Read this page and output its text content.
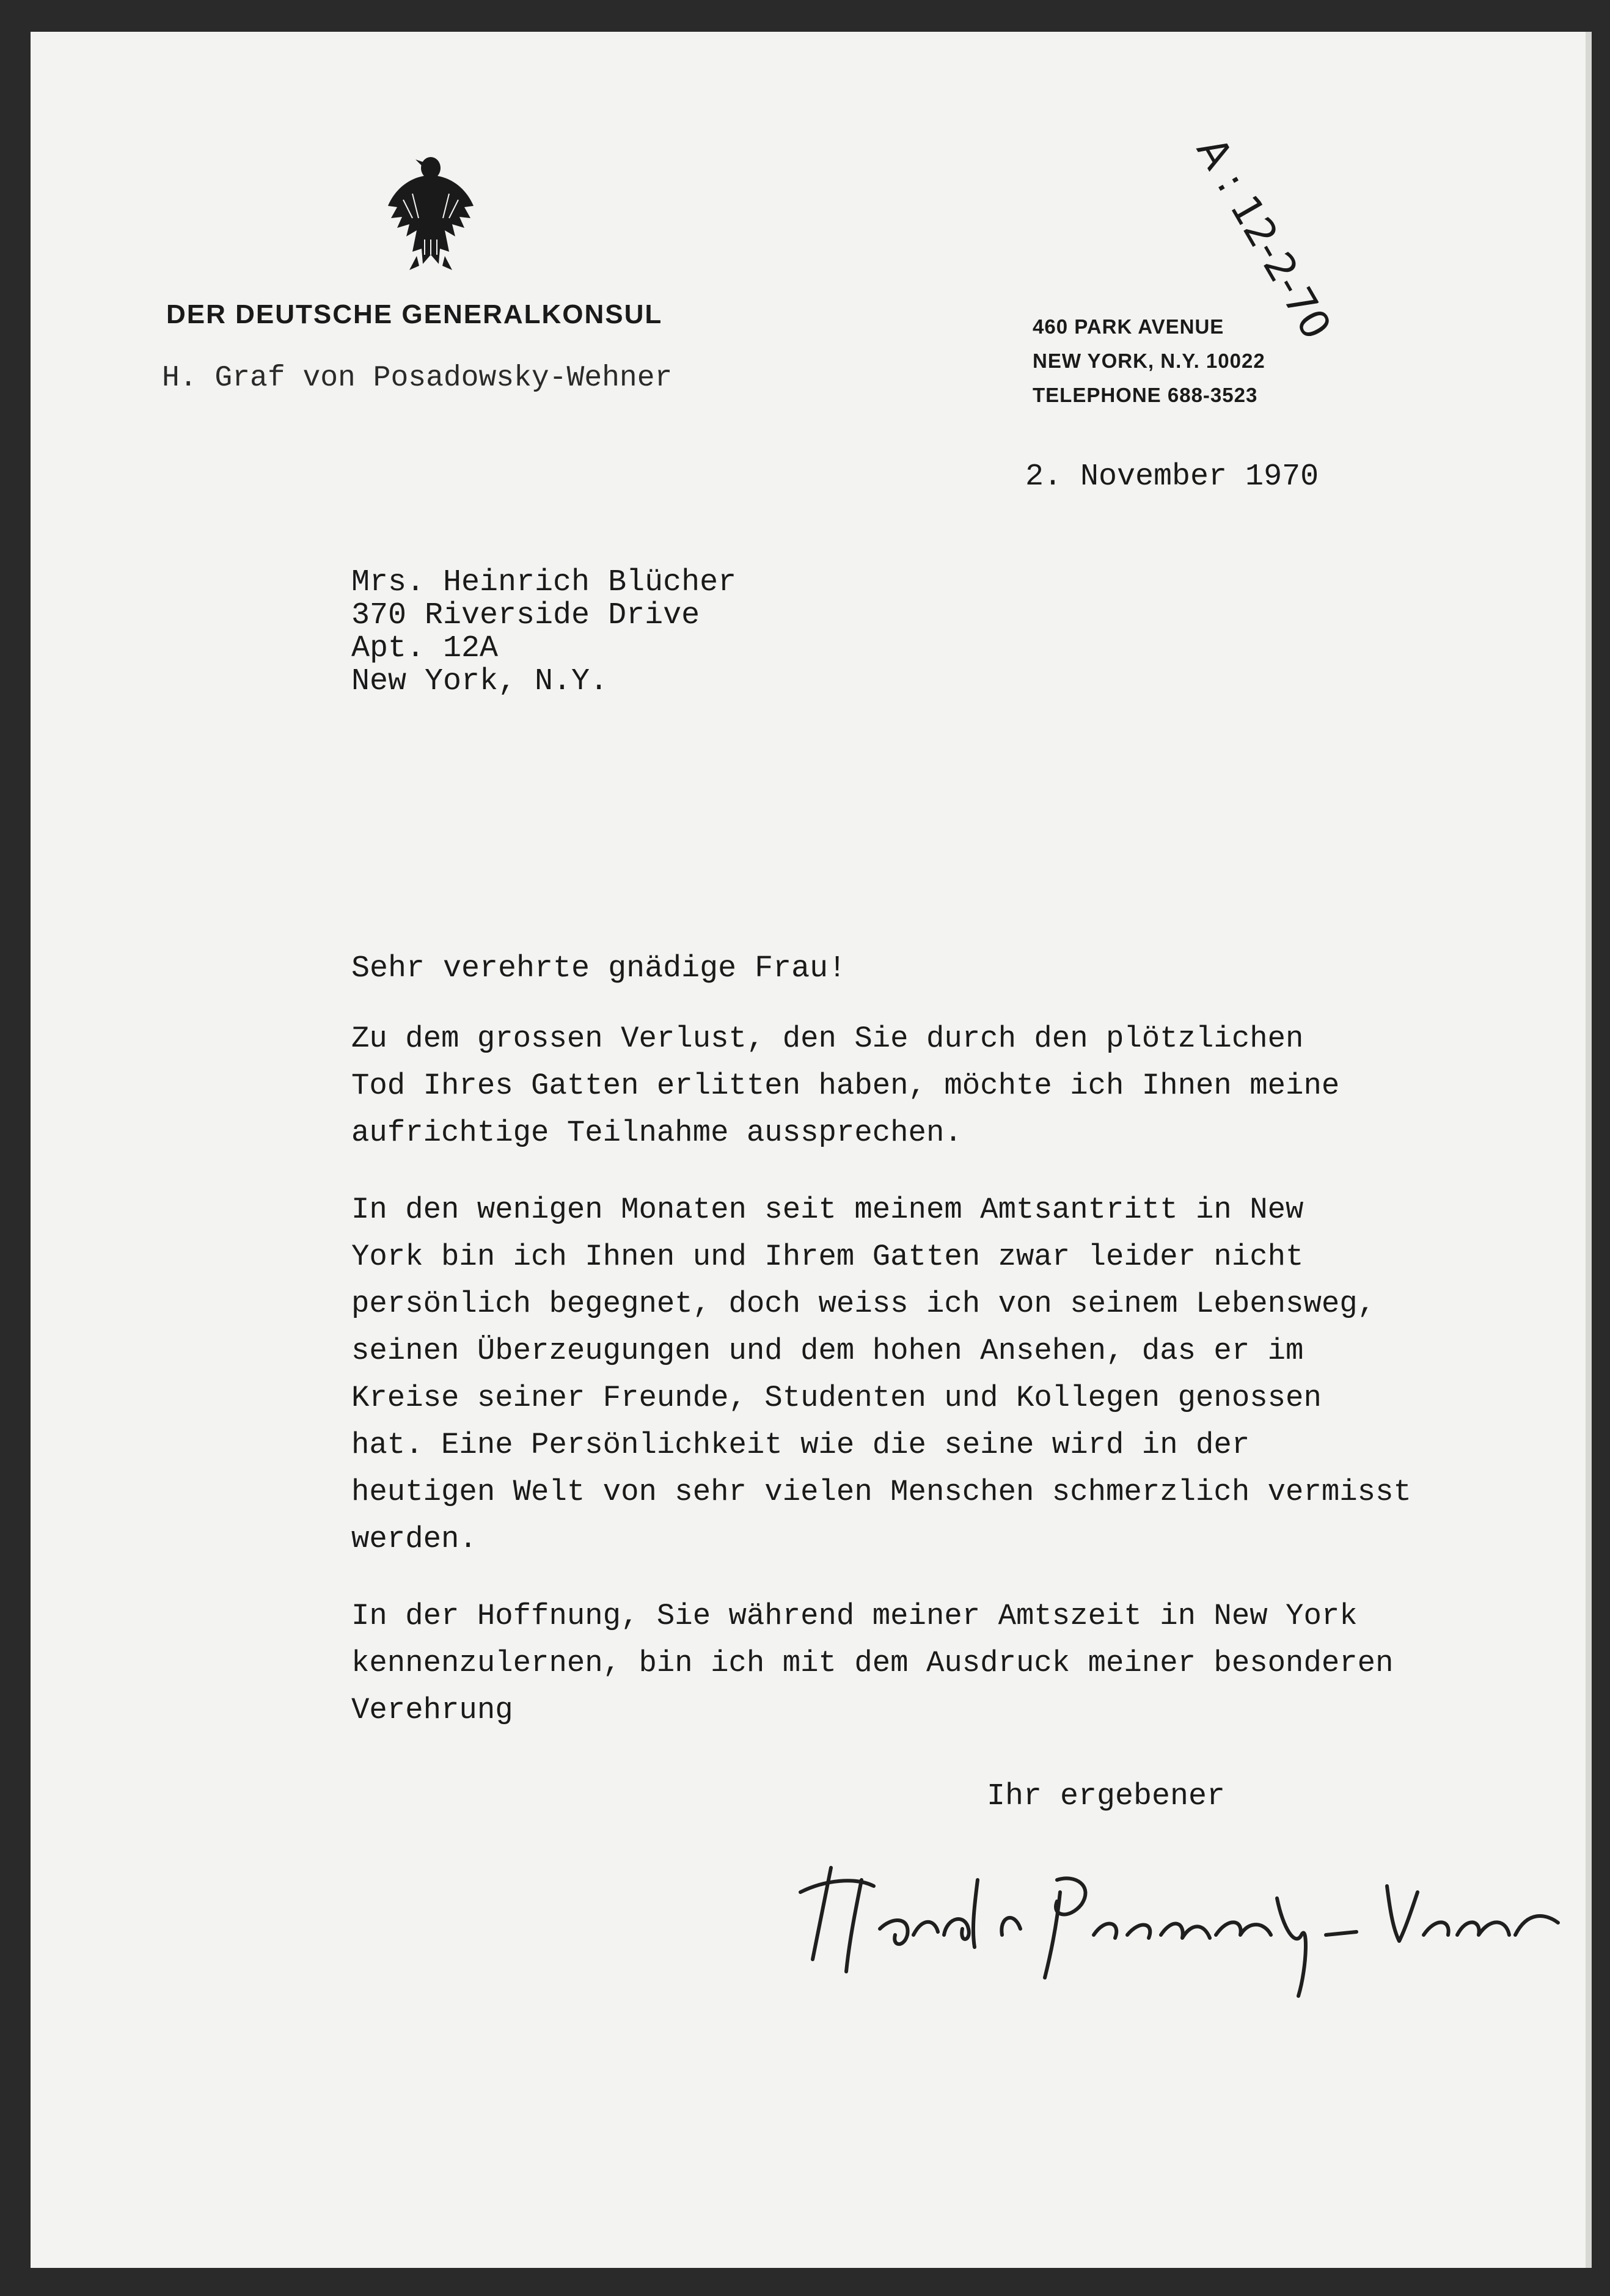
DER DEUTSCHE GENERALKONSUL
H. Graf von Posadowsky-Wehner
460 PARK AVENUE
NEW YORK, N.Y. 10022
TELEPHONE 688-3523
A : 12-2-70
2. November 1970
Mrs. Heinrich Blücher
370 Riverside Drive
Apt. 12A
New York, N.Y.
Sehr verehrte gnädige Frau!
Zu dem grossen Verlust, den Sie durch den plötzlichen
Tod Ihres Gatten erlitten haben, möchte ich Ihnen meine
aufrichtige Teilnahme aussprechen.
In den wenigen Monaten seit meinem Amtsantritt in New
York bin ich Ihnen und Ihrem Gatten zwar leider nicht
persönlich begegnet, doch weiss ich von seinem Lebensweg,
seinen Überzeugungen und dem hohen Ansehen, das er im
Kreise seiner Freunde, Studenten und Kollegen genossen
hat. Eine Persönlichkeit wie die seine wird in der
heutigen Welt von sehr vielen Menschen schmerzlich vermisst
werden.
In der Hoffnung, Sie während meiner Amtszeit in New York
kennenzulernen, bin ich mit dem Ausdruck meiner besonderen
Verehrung
Ihr ergebener
